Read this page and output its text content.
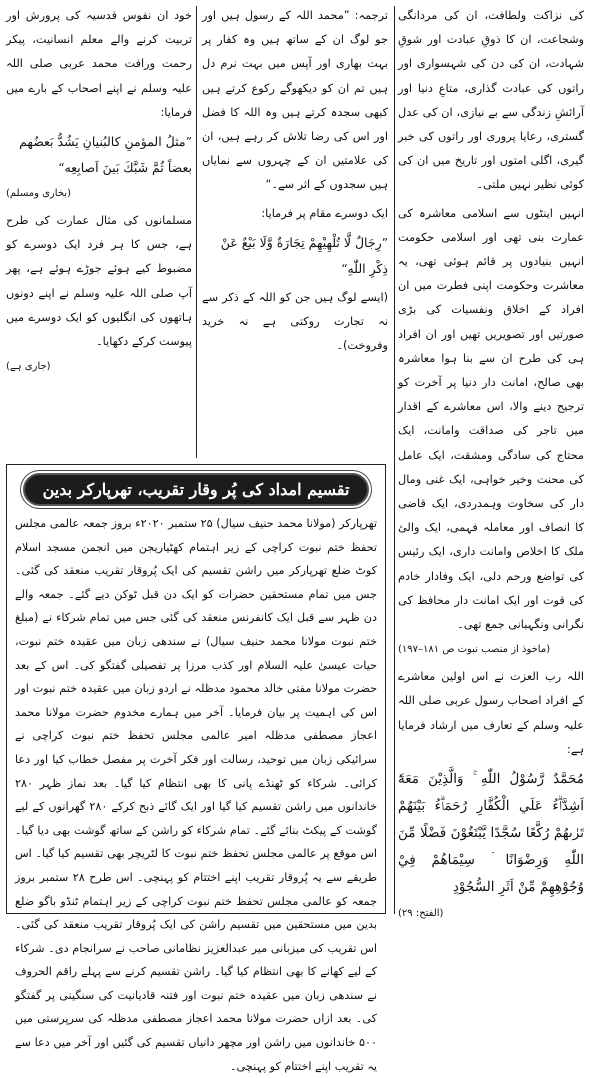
کی نزاکت ولطافت، ان کی مردانگی وشجاعت، ان کا ذوقِ عبادت اور شوقِ شہادت، ان کی دن کی شہسواری اور راتوں کی عبادت گذاری، متاعِ دنیا اور آرائشِ زندگی سے بے نیازی، ان کی عدل گستری، رعایا پروری اور راتوں کی خبر گیری، اگلی امتوں اور تاریخ میں ان کی کوئی نظیر نہیں ملتی۔

انہیں اینٹوں سے اسلامی معاشرہ کی عمارت بنی تھی اور اسلامی حکومت انہیں بنیادوں پر قائم ہوئی تھی، یہ معاشرت وحکومت اپنی فطرت میں ان افراد کے اخلاق ونفسیات کی بڑی صورتیں اور تصویریں تھیں اور ان افراد ہی کی طرح ان سے بنا ہوا معاشرہ بھی صالح، امانت دار دنیا پر آخرت کو ترجیح دینے والا، اس معاشرے کے اقدار میں تاجر کی صداقت وامانت، ایک محتاج کی سادگی ومشقت، ایک عامل کی محنت وخیر خواہی، ایک غنی ومال دار کی سخاوت وہمدردی، ایک قاضی کا انصاف اور معاملہ فہمی، ایک والیٔ ملک کا اخلاص وامانت داری، ایک رئیس کی تواضع ورحم دلی، ایک وفادار خادم کی قوت اور ایک امانت دار محافظ کی نگرانی ونگہبانی جمع تھی۔

(ماخوذ از منصب نبوت ص ۱۸۱–۱۹۷)

اللہ رب العزت نے اس اولین معاشرے کے افراد اصحاب رسول عربی صلی اللہ علیہ وسلم کے تعارف میں ارشاد فرمایا ہے:

مُحَمَّدٌ رَّسُوْلُ اللّٰهِ ۚ وَالَّذِيْنَ مَعَهٗٓ اَشِدَّاۗءُ عَلَي الْكُفَّارِ رُحَمَاۗءُ بَيْنَهُمْ تَرٰىهُمْ رُكَّعًا سُجَّدًا يَّبْتَغُوْنَ فَضْلًا مِّنَ اللّٰهِ وَرِضْوَانًا ۡ سِيْمَاهُمْ فِيْ وُجُوْهِهِمْ مِّنْ اَثَرِ السُّجُوْدِ
(الفتح: ۲۹)

ترجمہ: ”محمد اللہ کے رسول ہیں اور جو لوگ ان کے ساتھ ہیں وہ کفار پر بہت بھاری اور آپس میں بہت نرم دل ہیں تم ان کو دیکھوگے رکوع کرتے ہیں کبھی سجدہ کرتے ہیں وہ اللہ کا فضل اور اس کی رضا تلاش کر رہے ہیں، ان کی علامتیں ان کے چہروں سے نمایاں ہیں سجدوں کے اثر سے۔“

ایک دوسرے مقام پر فرمایا:

”رِجَالٌ لَّا تُلْهِيْهِمْ تِجَارَةٌ وَّلَا بَيْعٌ عَنْ ذِكْرِ اللّٰهِ“

(ایسے لوگ ہیں جن کو اللہ کے ذکر سے نہ تجارت روکتی ہے نہ خرید وفروخت)۔

خود ان نفوس قدسیہ کی پرورش اور تربیت کرنے والے معلم انسانیت، پیکر رحمت ورافت محمد عربی صلی اللہ علیہ وسلم نے اپنے اصحاب کے بارے میں فرمایا:

”مثلُ المؤمنِ کالبُنیانِ یَشُدُّ بَعضُهم بعضاً ثُمَّ شَبَّكَ بَینَ اَصابِعِه“
(بخاری ومسلم)

مسلمانوں کی مثال عمارت کی طرح ہے، جس کا ہر فرد ایک دوسرے کو مضبوط کیے ہوئے جوڑے ہوئے ہے، پھر آپ صلی اللہ علیہ وسلم نے اپنے دونوں ہاتھوں کی انگلیوں کو ایک دوسرے میں پیوست کرکے دکھایا۔

(جاری ہے)
تقسیم امداد کی پُر وقار تقریب، تھرپارکر بدین

تھرپارکر (مولانا محمد حنیف سیال) ۲۵ ستمبر ۲۰۲۰ء بروز جمعہ عالمی مجلس تحفظ ختم نبوت کراچی کے زیر اہتمام کھٹیاریجن میں انجمن مسجد اسلام کوٹ ضلع تھرپارکر میں راشن تقسیم کی ایک پُروقار تقریب منعقد کی گئی۔ جس میں تمام مستحقین حضرات کو ایک دن قبل ٹوکن دیے گئے۔ جمعہ والے دن ظہر سے قبل ایک کانفرنس منعقد کی گئی جس میں تمام شرکاء نے (مبلغ ختم نبوت مولانا محمد حنیف سیال) نے سندھی زبان میں عقیدہ ختم نبوت، حیات عیسیٰ علیہ السلام اور کذب مرزا پر تفصیلی گفتگو کی۔ اس کے بعد حضرت مولانا مفتی خالد محمود مدظلہ نے اردو زبان میں عقیدہ ختم نبوت اور اس کی اہمیت پر بیان فرمایا۔ آخر میں ہمارے مخدوم حضرت مولانا محمد اعجاز مصطفی مدظلہ امیر عالمی مجلس تحفظ ختم نبوت کراچی نے سرائیکی زبان میں توحید، رسالت اور فکر آخرت پر مفصل خطاب کیا اور دعا کرائی۔ شرکاء کو ٹھنڈے پانی کا بھی انتظام کیا گیا۔ بعد نماز ظہر ۲۸۰ خاندانوں میں راشن تقسیم کیا گیا اور ایک گائے ذبح کرکے ۲۸۰ گھرانوں کے لیے گوشت کے پیکٹ بنائے گئے۔ تمام شرکاء کو راشن کے ساتھ گوشت بھی دیا گیا۔ اس موقع پر عالمی مجلس تحفظ ختم نبوت کا لٹریچر بھی تقسیم کیا گیا۔ اس طریقے سے یہ پُروقار تقریب اپنے اختتام کو پہنچی۔ اس طرح ۲۸ ستمبر بروز جمعہ کو عالمی مجلس تحفظ ختم نبوت کراچی کے زیر اہتمام ٹنڈو باگو ضلع بدین میں مستحقین میں تقسیم راشن کی ایک پُروقار تقریب منعقد کی گئی۔ اس تقریب کی میزبانی میر عبدالعزیز نظامانی صاحب نے سرانجام دی۔ شرکاء کے لیے کھانے کا بھی انتظام کیا گیا۔ راشن تقسیم کرنے سے پہلے راقم الحروف نے سندھی زبان میں عقیدہ ختم نبوت اور فتنہ قادیانیت کی سنگینی پر گفتگو کی۔ بعد ازاں حضرت مولانا محمد اعجاز مصطفی مدظلہ کی سرپرستی میں ۵۰۰ خاندانوں میں راشن اور مچھر دانیاں تقسیم کی گئیں اور آخر میں دعا سے یہ تقریب اپنے اختتام کو پہنچی۔
